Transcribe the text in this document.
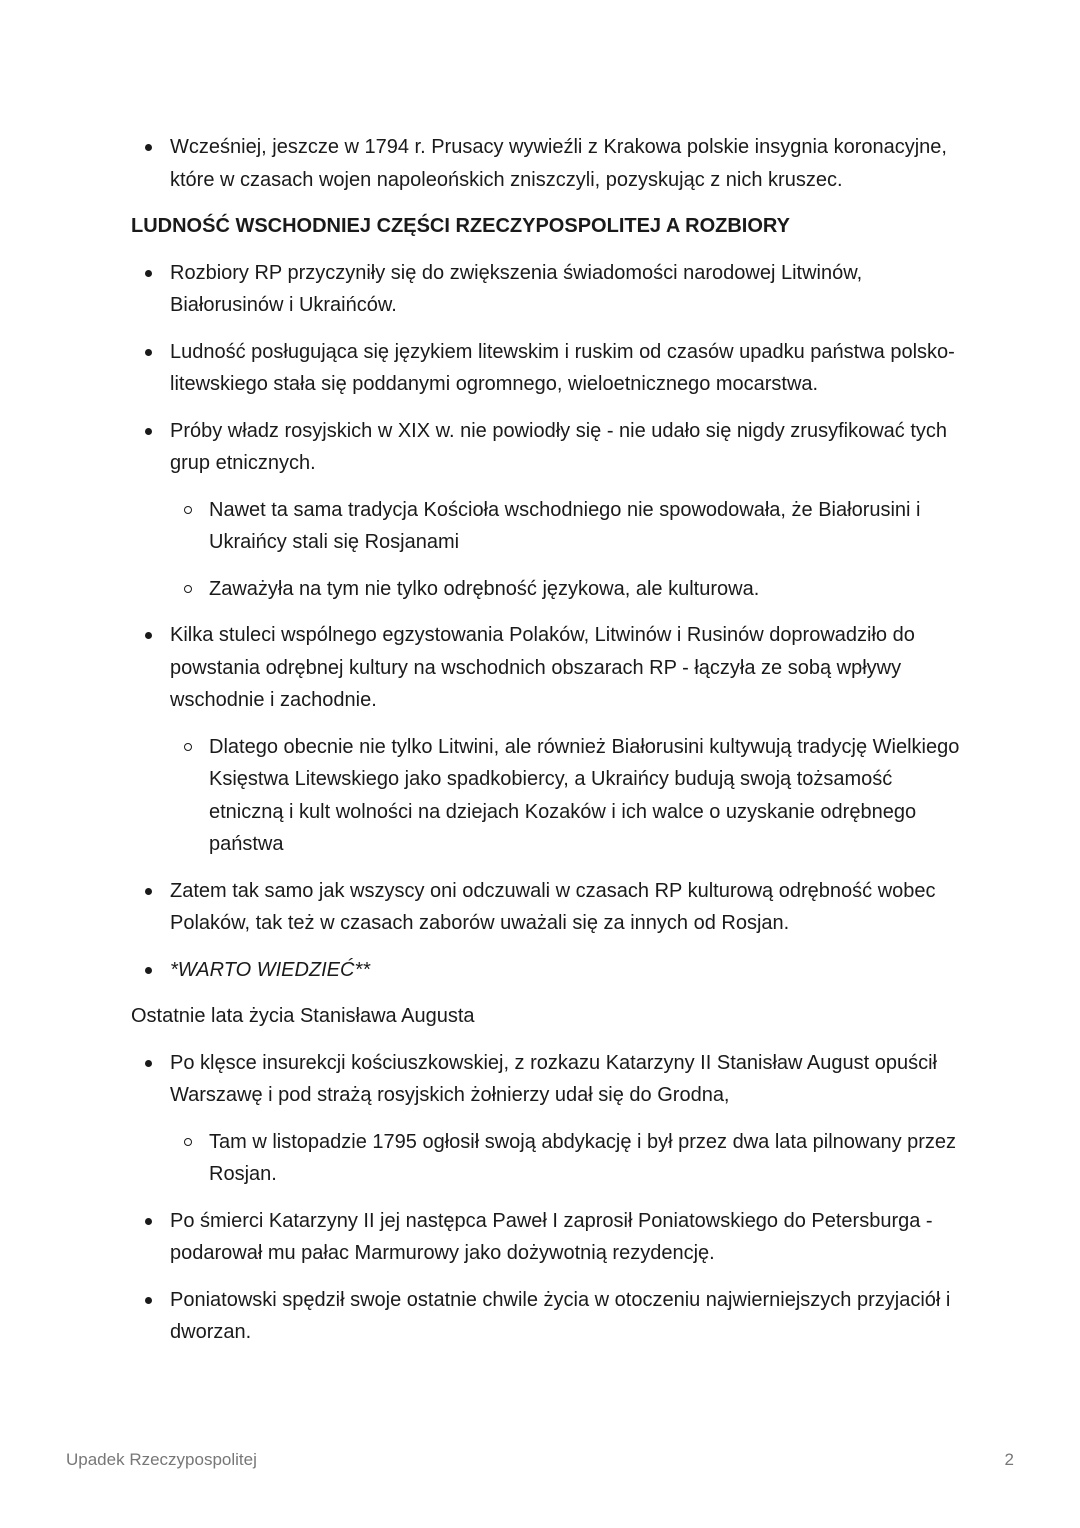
Wcześniej, jeszcze w 1794 r. Prusacy wywieźli z Krakowa polskie insygnia koronacyjne, które w czasach wojen napoleońskich zniszczyli, pozyskując z nich kruszec.
LUDNOŚĆ WSCHODNIEJ CZĘŚCI RZECZYPOSPOLITEJ A ROZBIORY
Rozbiory RP przyczyniły się do zwiększenia świadomości narodowej Litwinów, Białorusinów i Ukraińców.
Ludność posługująca się językiem litewskim i ruskim od czasów upadku państwa polsko-litewskiego stała się poddanymi ogromnego, wieloetnicznego mocarstwa.
Próby władz rosyjskich w XIX w. nie powiodły się - nie udało się nigdy zrusyfikować tych grup etnicznych.
Nawet ta sama tradycja Kościoła wschodniego nie spowodowała, że Białorusini i Ukraińcy stali się Rosjanami
Zaważyła na tym nie tylko odrębność językowa, ale kulturowa.
Kilka stuleci wspólnego egzystowania Polaków, Litwinów i Rusinów doprowadziło do powstania odrębnej kultury na wschodnich obszarach RP - łączyła ze sobą wpływy wschodnie i zachodnie.
Dlatego obecnie nie tylko Litwini, ale również Białorusini kultywują tradycję Wielkiego Księstwa Litewskiego jako spadkobiercy, a Ukraińcy budują swoją tożsamość etniczną i kult wolności na dziejach Kozaków i ich walce o uzyskanie odrębnego państwa
Zatem tak samo jak wszyscy oni odczuwali w czasach RP kulturową odrębność wobec Polaków, tak też w czasach zaborów uważali się za innych od Rosjan.
*WARTO WIEDZIEĆ**
Ostatnie lata życia Stanisława Augusta
Po klęsce insurekcji kościuszkowskiej, z rozkazu Katarzyny II Stanisław August opuścił Warszawę i pod strażą rosyjskich żołnierzy udał się do Grodna,
Tam w listopadzie 1795 ogłosił swoją abdykację i był przez dwa lata pilnowany przez Rosjan.
Po śmierci Katarzyny II jej następca Paweł I zaprosił Poniatowskiego do Petersburga - podarował mu pałac Marmurowy jako dożywotnią rezydencję.
Poniatowski spędził swoje ostatnie chwile życia w otoczeniu najwierniejszych przyjaciół i dworzan.
Upadek Rzeczypospolitej	2
